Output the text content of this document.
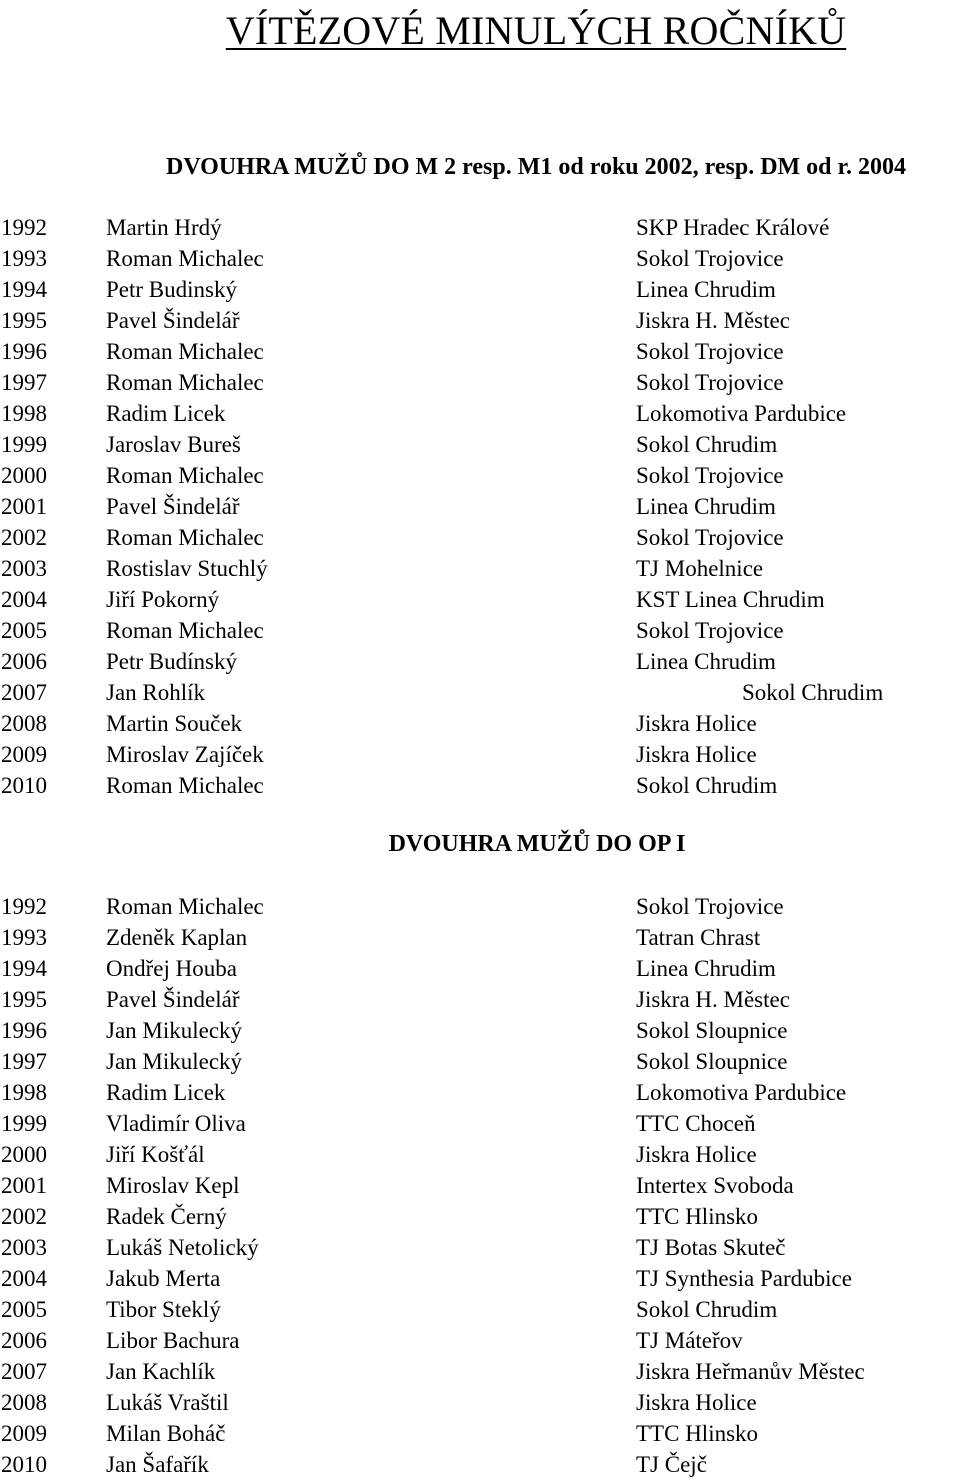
VÍTĚZOVÉ MINULÝCH ROČNÍKŮ
DVOUHRA MUŽŮ DO M 2 resp. M1 od roku 2002, resp. DM od r. 2004
1992	Martin Hrdý	SKP Hradec Králové
1993	Roman Michalec	Sokol Trojovice
1994	Petr Budinský	Linea Chrudim
1995	Pavel Šindelář	Jiskra H. Městec
1996	Roman Michalec	Sokol Trojovice
1997	Roman Michalec	Sokol Trojovice
1998	Radim Licek	Lokomotiva Pardubice
1999	Jaroslav Bureš	Sokol Chrudim
2000	Roman Michalec	Sokol Trojovice
2001	Pavel Šindelář	Linea Chrudim
2002	Roman Michalec	Sokol Trojovice
2003	Rostislav Stuchlý	TJ Mohelnice
2004	Jiří Pokorný	KST Linea Chrudim
2005	Roman Michalec	Sokol Trojovice
2006	Petr Budínský	Linea Chrudim
2007	Jan Rohlík	Sokol Chrudim
2008	Martin Souček	Jiskra Holice
2009	Miroslav Zajíček	Jiskra Holice
2010	Roman Michalec	Sokol Chrudim
DVOUHRA MUŽŮ DO OP I
1992	Roman Michalec	Sokol Trojovice
1993	Zdeněk Kaplan	Tatran Chrast
1994	Ondřej Houba	Linea Chrudim
1995	Pavel Šindelář	Jiskra H. Městec
1996	Jan Mikulecký	Sokol Sloupnice
1997	Jan Mikulecký	Sokol Sloupnice
1998	Radim Licek	Lokomotiva Pardubice
1999	Vladimír Oliva	TTC Choceň
2000	Jiří Košťál	Jiskra Holice
2001	Miroslav Kepl	Intertex Svoboda
2002	Radek Černý	TTC Hlinsko
2003	Lukáš Netolický	TJ Botas Skuteč
2004	Jakub Merta	TJ Synthesia Pardubice
2005	Tibor Steklý	Sokol Chrudim
2006	Libor Bachura	TJ Máteřov
2007	Jan Kachlík	Jiskra Heřmanův Městec
2008	Lukáš Vraštil	Jiskra Holice
2009	Milan Boháč	TTC Hlinsko
2010	Jan Šafařík	TJ Čejč
